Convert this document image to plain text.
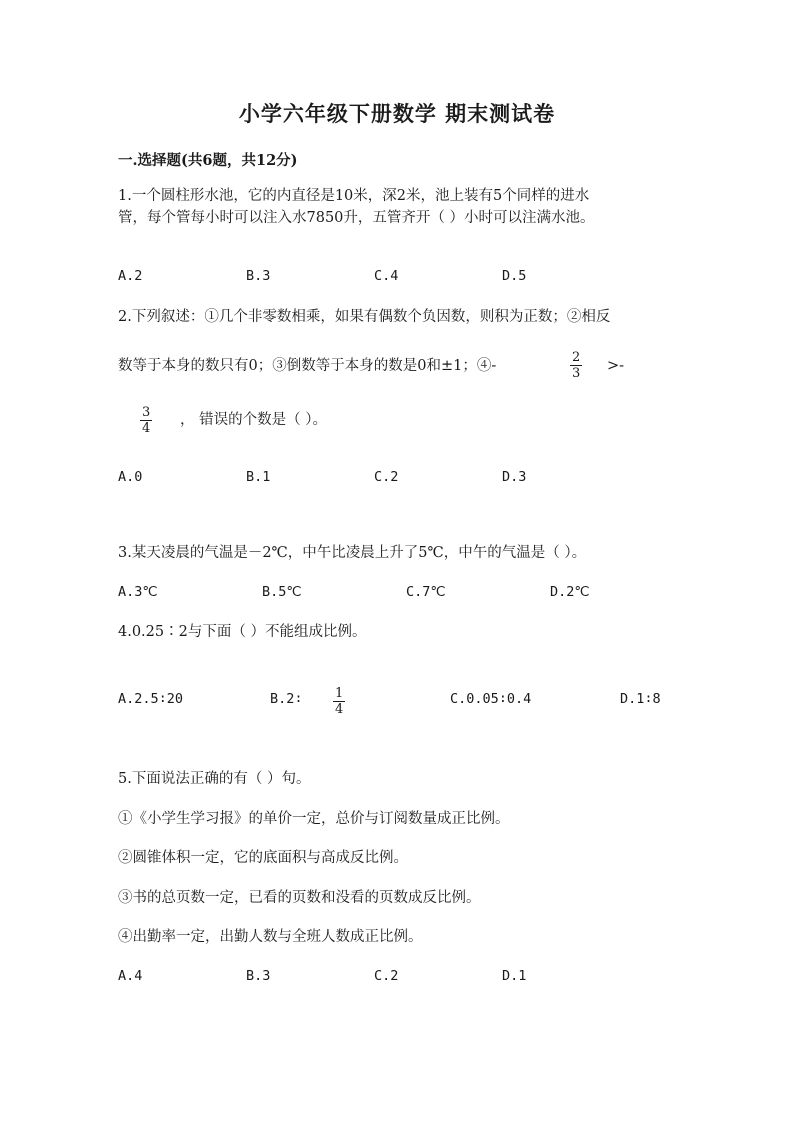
小学六年级下册数学 期末测试卷
一.选择题(共6题，共12分)
1.一个圆柱形水池，它的内直径是10米，深2米，池上装有5个同样的进水
管，每个管每小时可以注入水7850升，五管齐开（ ）小时可以注满水池。
A.2	B.3	C.4	D.5
2.下列叙述：①几个非零数相乘，如果有偶数个负因数，则积为正数；②相反
数等于本身的数只有0；③倒数等于本身的数是0和±1；④-	$\frac{2}{3}$ >-
$\frac{3}{4}$ ， 错误的个数是（ ）。
A.0	B.1	C.2	D.3
3.某天凌晨的气温是－2℃，中午比凌晨上升了5℃，中午的气温是（ ）。
A.3℃	B.5℃	C.7℃	D.2℃
4.0.25∶2与下面（ ）不能组成比例。
A.2.5∶20	B.2∶ $\frac{1}{4}$	C.0.05∶0.4	D.1∶8
5.下面说法正确的有（ ）句。
①《小学生学习报》的单价一定，总价与订阅数量成正比例。
②圆锥体积一定，它的底面积与高成反比例。
③书的总页数一定，已看的页数和没看的页数成反比例。
④出勤率一定，出勤人数与全班人数成正比例。
A.4	B.3	C.2	D.1
